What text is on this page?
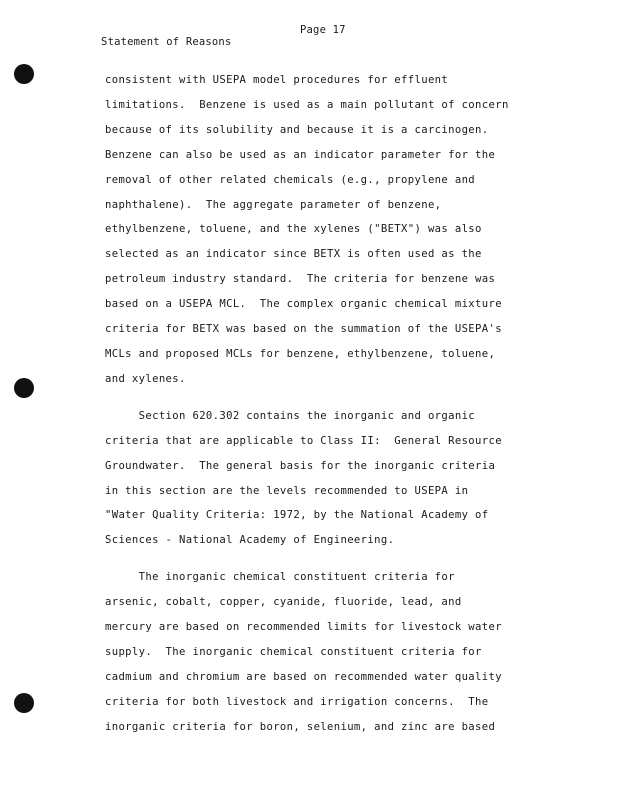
Statement of Reasons

Page 17

consistent with USEPA model procedures for effluent
limitations.  Benzene is used as a main pollutant of concern
because of its solubility and because it is a carcinogen.
Benzene can also be used as an indicator parameter for the
removal of other related chemicals (e.g., propylene and
naphthalene).  The aggregate parameter of benzene,
ethylbenzene, toluene, and the xylenes ("BETX") was also
selected as an indicator since BETX is often used as the
petroleum industry standard.  The criteria for benzene was
based on a USEPA MCL.  The complex organic chemical mixture
criteria for BETX was based on the summation of the USEPA's
MCLs and proposed MCLs for benzene, ethylbenzene, toluene,
and xylenes.
Section 620.302 contains the inorganic and organic
criteria that are applicable to Class II:  General Resource
Groundwater.  The general basis for the inorganic criteria
in this section are the levels recommended to USEPA in
"Water Quality Criteria: 1972, by the National Academy of
Sciences - National Academy of Engineering.
The inorganic chemical constituent criteria for
arsenic, cobalt, copper, cyanide, fluoride, lead, and
mercury are based on recommended limits for livestock water
supply.  The inorganic chemical constituent criteria for
cadmium and chromium are based on recommended water quality
criteria for both livestock and irrigation concerns.  The
inorganic criteria for boron, selenium, and zinc are based
